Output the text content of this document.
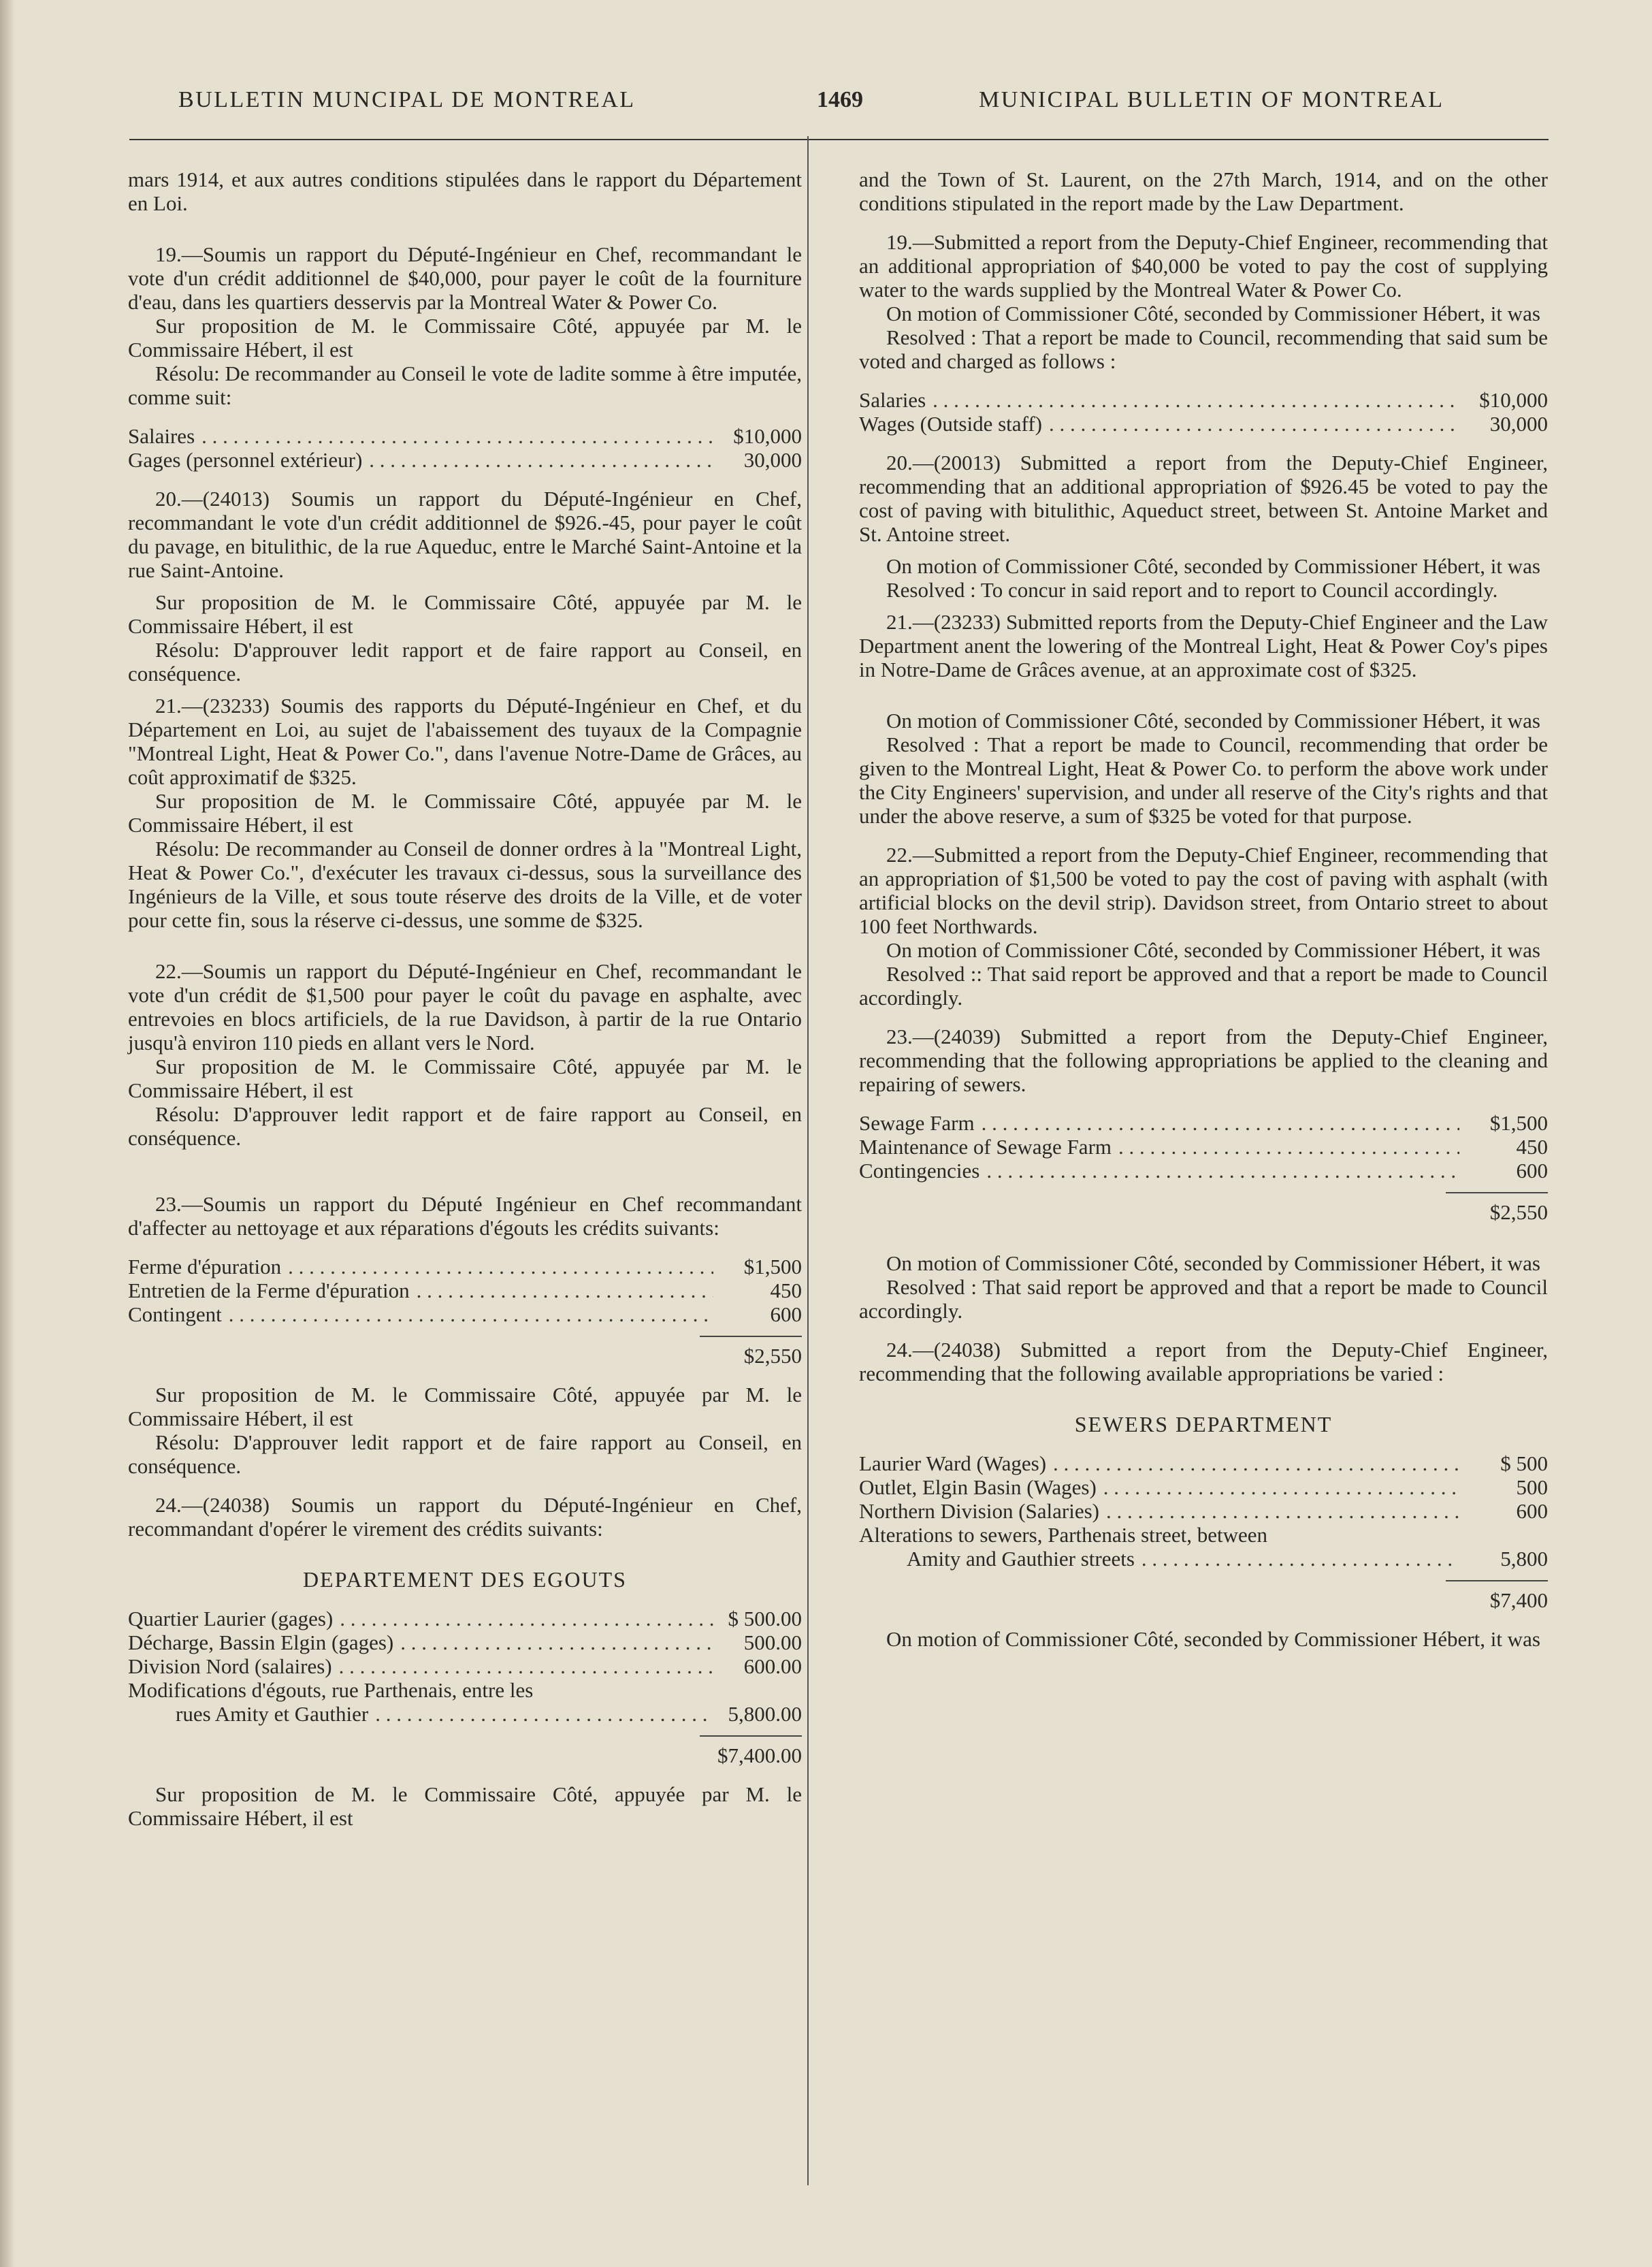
BULLETIN MUNCIPAL DE MONTREAL	1469	MUNICIPAL BULLETIN OF MONTREAL

mars 1914, et aux autres conditions stipulées dans le rapport du Département en Loi.

19.—Soumis un rapport du Député-Ingénieur en Chef, recommandant le vote d'un crédit additionnel de $40,000, pour payer le coût de la fourniture d'eau, dans les quartiers desservis par la Montreal Water & Power Co.

Sur proposition de M. le Commissaire Côté, appuyée par M. le Commissaire Hébert, il est

Résolu: De recommander au Conseil le vote de ladite somme à être imputée, comme suit:

Salaires . . .	$10,000
Gages (personnel extérieur) . . .	30,000

20.—(24013) Soumis un rapport du Député-Ingénieur en Chef, recommandant le vote d'un crédit additionnel de $926.-45, pour payer le coût du pavage, en bitulithic, de la rue Aqueduc, entre le Marché Saint-Antoine et la rue Saint-Antoine.

Sur proposition de M. le Commissaire Côté, appuyée par M. le Commissaire Hébert, il est

Résolu: D'approuver ledit rapport et de faire rapport au Conseil, en conséquence.

21.—(23233) Soumis des rapports du Député-Ingénieur en Chef, et du Département en Loi, au sujet de l'abaissement des tuyaux de la Compagnie "Montreal Light, Heat & Power Co.", dans l'avenue Notre-Dame de Grâces, au coût approximatif de $325.

Sur proposition de M. le Commissaire Côté, appuyée par M. le Commissaire Hébert, il est

Résolu: De recommander au Conseil de donner ordres à la "Montreal Light, Heat & Power Co.", d'exécuter les travaux ci-dessus, sous la surveillance des Ingénieurs de la Ville, et sous toute réserve des droits de la Ville, et de voter pour cette fin, sous la réserve ci-dessus, une somme de $325.

22.—Soumis un rapport du Député-Ingénieur en Chef, recommandant le vote d'un crédit de $1,500 pour payer le coût du pavage en asphalte, avec entrevoies en blocs artificiels, de la rue Davidson, à partir de la rue Ontario jusqu'à environ 110 pieds en allant vers le Nord.

Sur proposition de M. le Commissaire Côté, appuyée par M. le Commissaire Hébert, il est

Résolu: D'approuver ledit rapport et de faire rapport au Conseil, en conséquence.

23.—Soumis un rapport du Député Ingénieur en Chef recommandant d'affecter au nettoyage et aux réparations d'égouts les crédits suivants:

Ferme d'épuration . . .	$1,500
Entretien de la Ferme d'épuration . . .	450
Contingent . . .	600
$2,550

Sur proposition de M. le Commissaire Côté, appuyée par M. le Commissaire Hébert, il est

Résolu: D'approuver ledit rapport et de faire rapport au Conseil, en conséquence.

24.—(24038) Soumis un rapport du Député-Ingénieur en Chef, recommandant d'opérer le virement des crédits suivants:

DEPARTEMENT DES EGOUTS

Quartier Laurier (gages) . . .	$ 500.00
Décharge, Bassin Elgin (gages) . . .	500.00
Division Nord (salaires) . . .	600.00
Modifications d'égouts, rue Parthenais, entre les
rues Amity et Gauthier . . .	5,800.00
$7,400.00

Sur proposition de M. le Commissaire Côté, appuyée par M. le Commissaire Hébert, il est

and the Town of St. Laurent, on the 27th March, 1914, and on the other conditions stipulated in the report made by the Law Department.

19.—Submitted a report from the Deputy-Chief Engineer, recommending that an additional appropriation of $40,000 be voted to pay the cost of supplying water to the wards supplied by the Montreal Water & Power Co.

On motion of Commissioner Côté, seconded by Commissioner Hébert, it was

Resolved : That a report be made to Council, recommending that said sum be voted and charged as follows :

Salaries . . .	$10,000
Wages (Outside staff) . . .	30,000

20.—(20013) Submitted a report from the Deputy-Chief Engineer, recommending that an additional appropriation of $926.45 be voted to pay the cost of paving with bitulithic, Aqueduct street, between St. Antoine Market and St. Antoine street.

On motion of Commissioner Côté, seconded by Commissioner Hébert, it was

Resolved : To concur in said report and to report to Council accordingly.

21.—(23233) Submitted reports from the Deputy-Chief Engineer and the Law Department anent the lowering of the Montreal Light, Heat & Power Coy's pipes in Notre-Dame de Grâces avenue, at an approximate cost of $325.

On motion of Commissioner Côté, seconded by Commissioner Hébert, it was

Resolved : That a report be made to Council, recommending that order be given to the Montreal Light, Heat & Power Co. to perform the above work under the City Engineers' supervision, and under all reserve of the City's rights and that under the above reserve, a sum of $325 be voted for that purpose.

22.—Submitted a report from the Deputy-Chief Engineer, recommending that an appropriation of $1,500 be voted to pay the cost of paving with asphalt (with artificial blocks on the devil strip). Davidson street, from Ontario street to about 100 feet Northwards.

On motion of Commissioner Côté, seconded by Commissioner Hébert, it was

Resolved :: That said report be approved and that a report be made to Council accordingly.

23.—(24039) Submitted a report from the Deputy-Chief Engineer, recommending that the following appropriations be applied to the cleaning and repairing of sewers.

Sewage Farm . . .	$1,500
Maintenance of Sewage Farm . . .	450
Contingencies . . .	600
$2,550

On motion of Commissioner Côté, seconded by Commissioner Hébert, it was

Resolved : That said report be approved and that a report be made to Council accordingly.

24.—(24038) Submitted a report from the Deputy-Chief Engineer, recommending that the following available appropriations be varied :

SEWERS DEPARTMENT

Laurier Ward (Wages) . . .	$ 500
Outlet, Elgin Basin (Wages) . . .	500
Northern Division (Salaries) . . .	600
Alterations to sewers, Parthenais street, between
Amity and Gauthier streets . . .	5,800
$7,400

On motion of Commissioner Côté, seconded by Commissioner Hébert, it was
